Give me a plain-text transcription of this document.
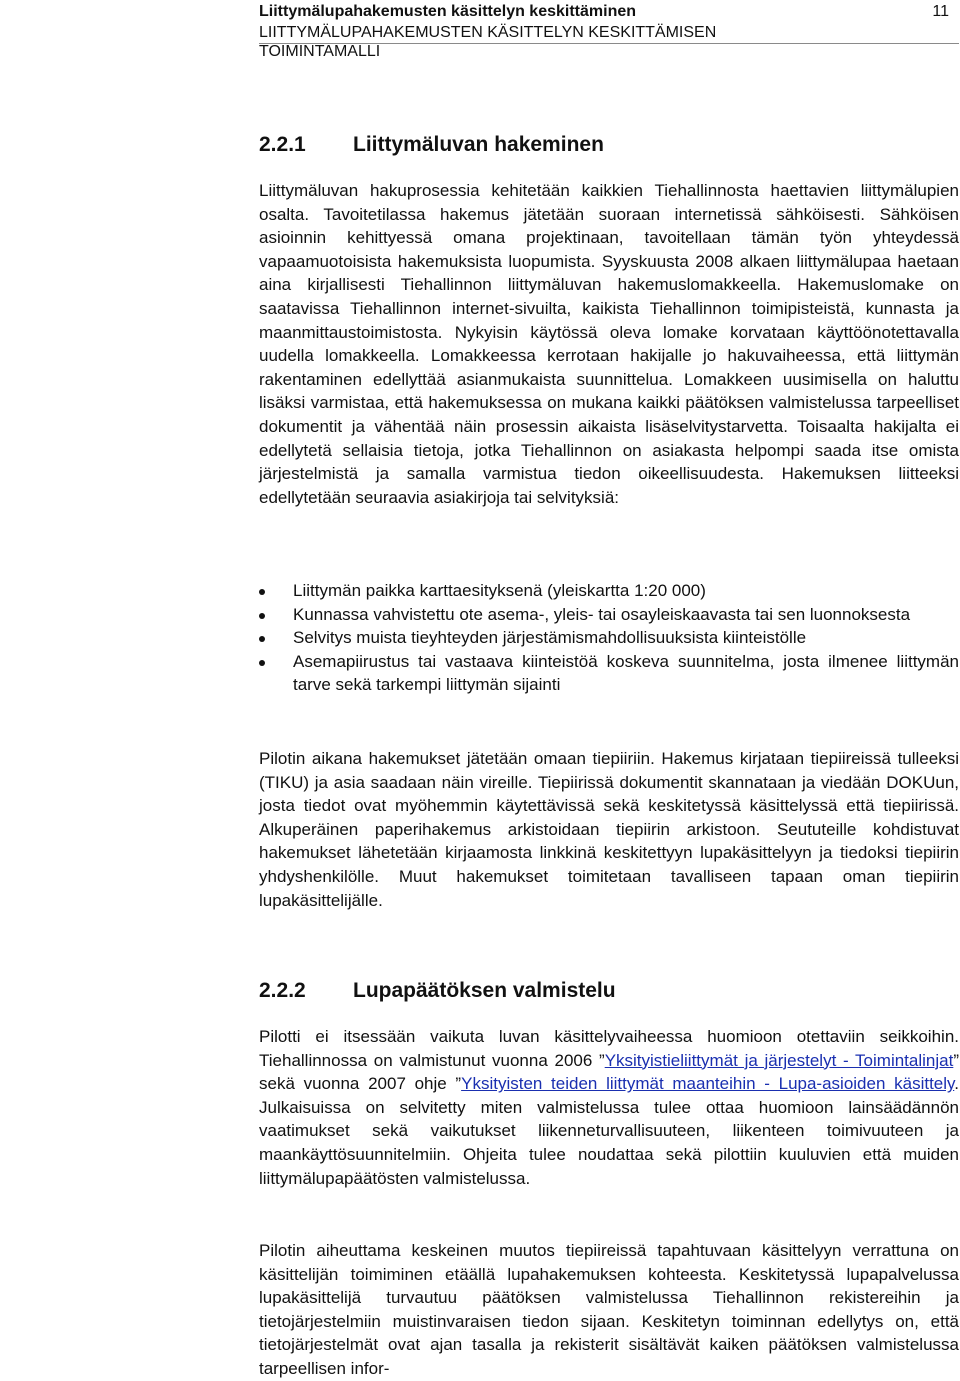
Liittymälupahakemusten käsittelyn keskittäminen	11
LIITTYMÄLUPAHAKEMUSTEN KÄSITTELYN KESKITTÄMISEN TOIMINTAMALLI
2.2.1 Liittymäluvan hakeminen

Liittymäluvan hakuprosessia kehitetään kaikkien Tiehallinnosta haettavien liittymälupien osalta. Tavoitetilassa hakemus jätetään suoraan internetissä sähköisesti. Sähköisen asioinnin kehittyessä omana projektinaan, tavoitellaan tämän työn yhteydessä vapaamuotoisista hakemuksista luopumista. Syyskuusta 2008 alkaen liittymälupaa haetaan aina kirjallisesti Tiehallinnon liittymäluvan hakemuslomakkeella. Hakemuslomake on saatavissa Tiehallinnon internet-sivuilta, kaikista Tiehallinnon toimipisteistä, kunnasta ja maanmittaustoimistosta. Nykyisin käytössä oleva lomake korvataan käyttöönotettavalla uudella lomakkeella. Lomakkeessa kerrotaan hakijalle jo hakuvaiheessa, että liittymän rakentaminen edellyttää asianmukaista suunnittelua. Lomakkeen uusimisella on haluttu lisäksi varmistaa, että hakemuksessa on mukana kaikki päätöksen valmistelussa tarpeelliset dokumentit ja vähentää näin prosessin aikaista lisäselvitystarvetta. Toisaalta hakijalta ei edellytetä sellaisia tietoja, jotka Tiehallinnon on asiakasta helpompi saada itse omista järjestelmistä ja samalla varmistua tiedon oikeellisuudesta. Hakemuksen liitteeksi edellytetään seuraavia asiakirjoja tai selvityksiä:

Liittymän paikka karttaesityksenä (yleiskartta 1:20 000)
Kunnassa vahvistettu ote asema-, yleis- tai osayleiskaavasta tai sen luonnoksesta
Selvitys muista tieyhteyden järjestämismahdollisuuksista kiinteistölle
Asemapiirustus tai vastaava kiinteistöä koskeva suunnitelma, josta ilmenee liittymän tarve sekä tarkempi liittymän sijainti

Pilotin aikana hakemukset jätetään omaan tiepiiriin. Hakemus kirjataan tiepiireissä tulleeksi (TIKU) ja asia saadaan näin vireille. Tiepiirissä dokumentit skannataan ja viedään DOKUun, josta tiedot ovat myöhemmin käytettävissä sekä keskitetyssä käsittelyssä että tiepiirissä. Alkuperäinen paperihakemus arkistoidaan tiepiirin arkistoon. Seututeille kohdistuvat hakemukset lähetetään kirjaamosta linkkinä keskitettyyn lupakäsittelyyn ja tiedoksi tiepiirin yhdyshenkilölle. Muut hakemukset toimitetaan tavalliseen tapaan oman tiepiirin lupakäsittelijälle.

2.2.2 Lupapäätöksen valmistelu

Pilotti ei itsessään vaikuta luvan käsittelyvaiheessa huomioon otettaviin seikkoihin. Tiehallinnossa on valmistunut vuonna 2006 ”Yksityistieliittymät ja järjestelyt - Toimintalinjat” sekä vuonna 2007 ohje ”Yksityisten teiden liittymät maanteihin - Lupa-asioiden käsittely. Julkaisuissa on selvitetty miten valmistelussa tulee ottaa huomioon lainsäädännön vaatimukset sekä vaikutukset liikenneturvallisuuteen, liikenteen toimivuuteen ja maankäyttösuunnitelmiin. Ohjeita tulee noudattaa sekä pilottiin kuuluvien että muiden liittymälupapäätösten valmistelussa.

Pilotin aiheuttama keskeinen muutos tiepiireissä tapahtuvaan käsittelyyn verrattuna on käsittelijän toimiminen etäällä lupahakemuksen kohteesta. Keskitetyssä lupapalvelussa lupakäsittelijä turvautuu päätöksen valmistelussa Tiehallinnon rekistereihin ja tietojärjestelmiin muistinvaraisen tiedon sijaan. Keskitetyn toiminnan edellytys on, että tietojärjestelmät ovat ajan tasalla ja rekisterit sisältävät kaiken päätöksen valmistelussa tarpeellisen infor-
